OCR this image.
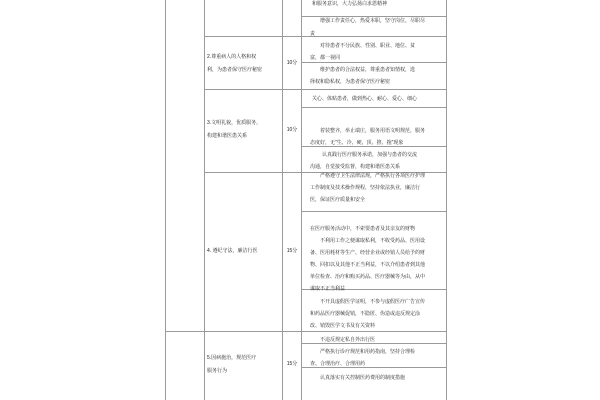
和服务意识，大力弘扬白求恩精神
增强工作责任心，热爱本职，坚守岗位，尽职尽
责
2.尊重病人的人格和权
利，为患者保守医疗秘密
10分
对待患者不分民族、性别、职业、地位、贫
富，都一视同
维护患者的合法权益，尊重患者知情权，选
择权和隐私权，为患者保守医疗秘密
3.文明礼貌，优质服务，
构建和谐医患关系
10分
关心、体贴患者，做到热心、耐心、爱心、细心
着装整齐，举止端庄，服务用语文明规范，服务
态度好，无“生、冷、硬、顶、推、拖”现象
认真践行医疗服务承诺，加强与患者的交流
沟通，自觉接受监督，构建和谐医患关系
4. 遵纪守法，廉洁行医	15分
严格遵守卫生法律法规，严格执行各项医疗护理
工作制度及技术操作规程，坚持依法执业，廉洁行
医，保证医疗质量和安全
在医疗服务活动中，不索要患者及其亲友的财物
不利用工作之便谋取私利，不收受药品、医用设
备、医用耗材等生产、经营企业或经销人员给予的财
物、回扣以及其他不正当利益，不以介绍患者到其他
单位检查、治疗和购买药品、医疗器械等为由，从中
谋取不正当利益
不开具虚假医学证明，不参与虚假医疗广告宣传
和药品医疗器械促销，不隐匿、伪造或违反规定涂
改、销毁医学文书及有关资料
5.因病施治，规范医疗
服务行为
15分
不违反规定私自外出行医
严格执行诊疗规范和用药指南，坚持合理检
查、合理治疗、合理用药
认真落实有关控制医药费用的制度措施
